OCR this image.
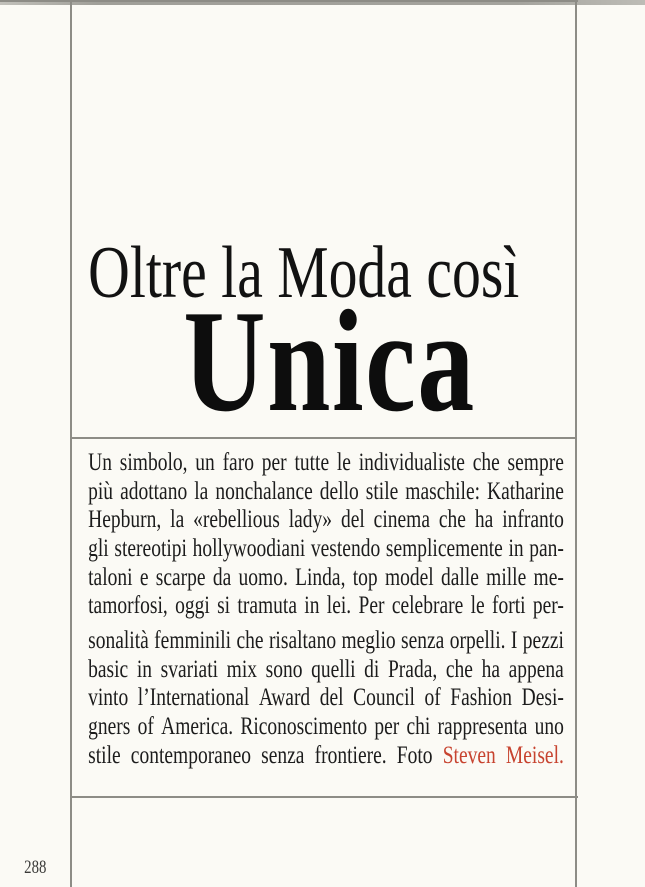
Oltre la Moda così
Unica
Un simbolo, un faro per tutte le individualiste che sempre
più adottano la nonchalance dello stile maschile: Katharine
Hepburn, la «rebellious lady» del cinema che ha infranto
gli stereotipi hollywoodiani vestendo semplicemente in pan-
taloni e scarpe da uomo. Linda, top model dalle mille me-
tamorfosi, oggi si tramuta in lei. Per celebrare le forti per-
sonalità femminili che risaltano meglio senza orpelli. I pezzi
basic in svariati mix sono quelli di Prada, che ha appena
vinto l’International Award del Council of Fashion Desi-
gners of America. Riconoscimento per chi rappresenta uno
stile contemporaneo senza frontiere. Foto Steven Meisel.
288
